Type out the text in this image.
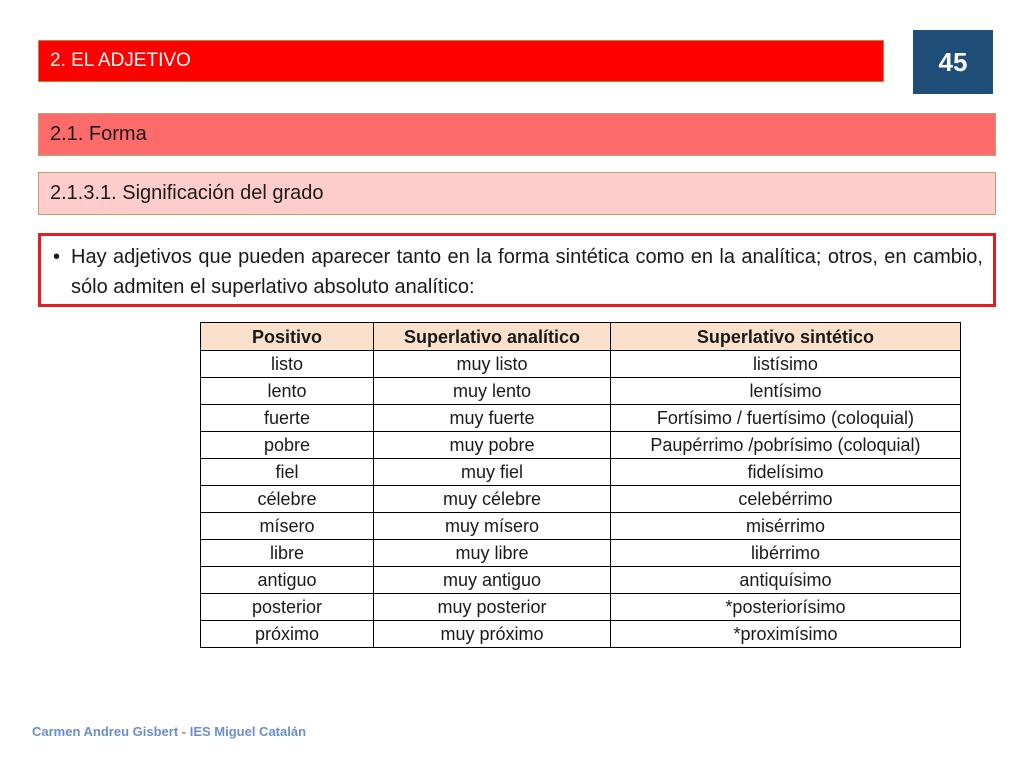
2. EL ADJETIVO	45
2.1. Forma
2.1.3.1. Significación del grado
• Hay adjetivos que pueden aparecer tanto en la forma sintética como en la analítica; otros, en cambio, sólo admiten el superlativo absoluto analítico:
Positivo	Superlativo analítico	Superlativo sintético
listo	muy listo	listísimo
lento	muy lento	lentísimo
fuerte	muy fuerte	Fortísimo / fuertísimo (coloquial)
pobre	muy pobre	Paupérrimo /pobrísimo (coloquial)
fiel	muy fiel	fidelísimo
célebre	muy célebre	celebérrimo
mísero	muy mísero	misérrimo
libre	muy libre	libérrimo
antiguo	muy antiguo	antiquísimo
posterior	muy posterior	*posteriorísimo
próximo	muy próximo	*proximísimo
Carmen Andreu Gisbert - IES Miguel Catalán
